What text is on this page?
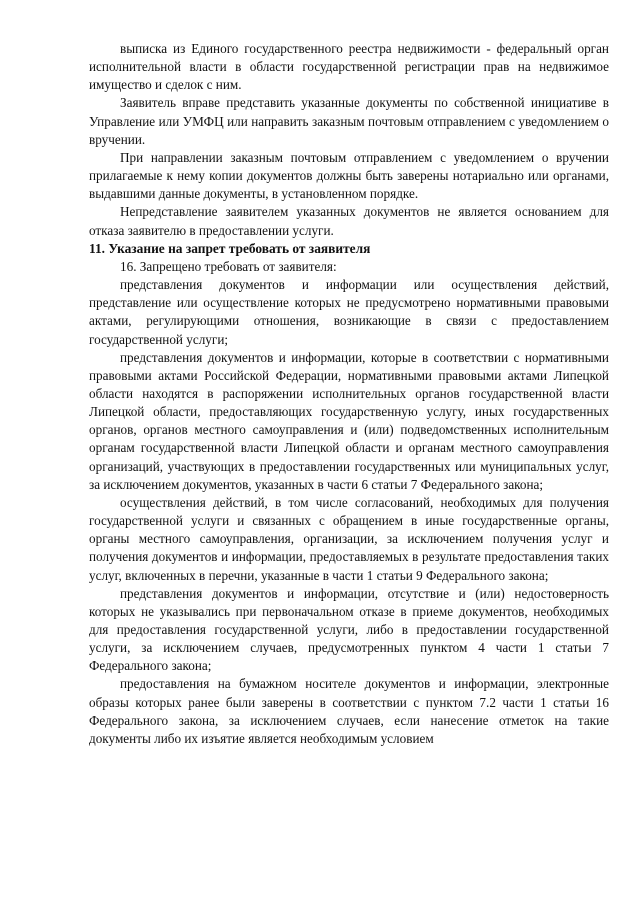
выписка из Единого государственного реестра недвижимости - федеральный орган исполнительной власти в области государственной регистрации прав на недвижимое имущество и сделок с ним.

Заявитель вправе представить указанные документы по собственной инициативе в Управление или УМФЦ или направить заказным почтовым отправлением с уведомлением о вручении.

При направлении заказным почтовым отправлением с уведомлением о вручении прилагаемые к нему копии документов должны быть заверены нотариально или органами, выдавшими данные документы, в установленном порядке.

Непредставление заявителем указанных документов не является основанием для отказа заявителю в предоставлении услуги.

11. Указание на запрет требовать от заявителя

16. Запрещено требовать от заявителя:

представления документов и информации или осуществления действий, представление или осуществление которых не предусмотрено нормативными правовыми актами, регулирующими отношения, возникающие в связи с предоставлением государственной услуги;

представления документов и информации, которые в соответствии с нормативными правовыми актами Российской Федерации, нормативными правовыми актами Липецкой области находятся в распоряжении исполнительных органов государственной власти Липецкой области, предоставляющих государственную услугу, иных государственных органов, органов местного самоуправления и (или) подведомственных исполнительным органам государственной власти Липецкой области и органам местного самоуправления организаций, участвующих в предоставлении государственных или муниципальных услуг, за исключением документов, указанных в части 6 статьи 7 Федерального закона;

осуществления действий, в том числе согласований, необходимых для получения государственной услуги и связанных с обращением в иные государственные органы, органы местного самоуправления, организации, за исключением получения услуг и получения документов и информации, предоставляемых в результате предоставления таких услуг, включенных в перечни, указанные в части 1 статьи 9 Федерального закона;

представления документов и информации, отсутствие и (или) недостоверность которых не указывались при первоначальном отказе в приеме документов, необходимых для предоставления государственной услуги, либо в предоставлении государственной услуги, за исключением случаев, предусмотренных пунктом 4 части 1 статьи 7 Федерального закона;

предоставления на бумажном носителе документов и информации, электронные образы которых ранее были заверены в соответствии с пунктом 7.2 части 1 статьи 16 Федерального закона, за исключением случаев, если нанесение отметок на такие документы либо их изъятие является необходимым условием
